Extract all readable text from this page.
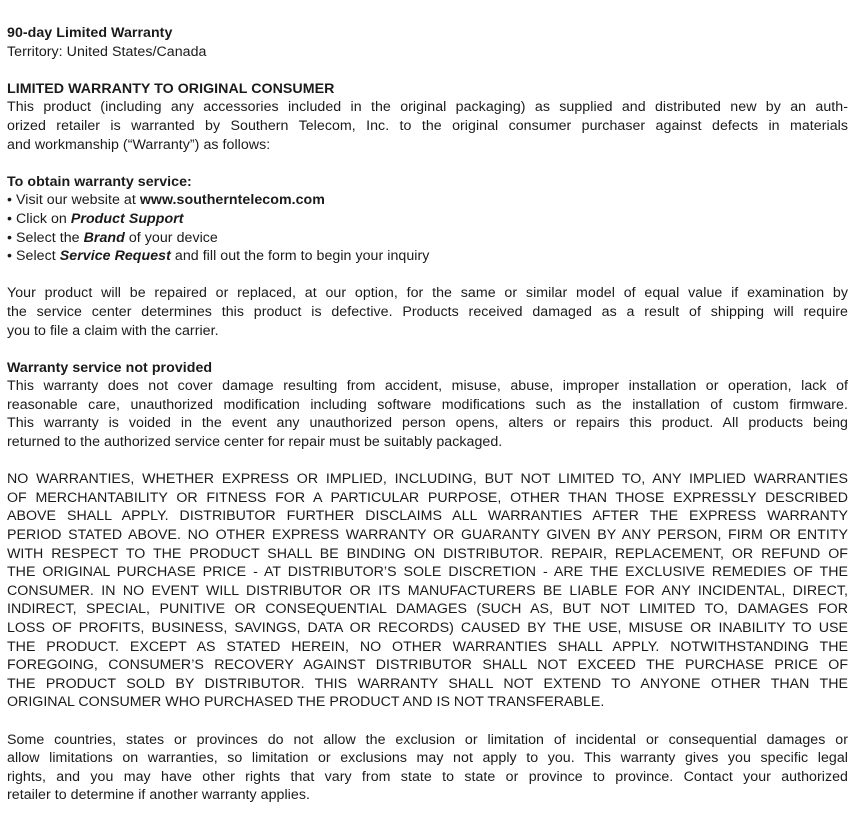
90-day Limited Warranty
Territory: United States/Canada
LIMITED WARRANTY TO ORIGINAL CONSUMER
This product (including any accessories included in the original packaging) as supplied and distributed new by an auth-
orized retailer is warranted by Southern Telecom, Inc. to the original consumer purchaser against defects in materials
and workmanship (“Warranty”) as follows:
To obtain warranty service:
• Visit our website at www.southerntelecom.com
• Click on Product Support
• Select the Brand of your device
• Select Service Request and fill out the form to begin your inquiry
Your product will be repaired or replaced, at our option, for the same or similar model of equal value if examination by
the service center determines this product is defective. Products received damaged as a result of shipping will require
you to file a claim with the carrier.
Warranty service not provided
This warranty does not cover damage resulting from accident, misuse, abuse, improper installation or operation, lack of
reasonable care, unauthorized modification including software modifications such as the installation of custom firmware.
This warranty is voided in the event any unauthorized person opens, alters or repairs this product. All products being
returned to the authorized service center for repair must be suitably packaged.
NO WARRANTIES, WHETHER EXPRESS OR IMPLIED, INCLUDING, BUT NOT LIMITED TO, ANY IMPLIED WARRANTIES
OF MERCHANTABILITY OR FITNESS FOR A PARTICULAR PURPOSE, OTHER THAN THOSE EXPRESSLY DESCRIBED
ABOVE SHALL APPLY. DISTRIBUTOR FURTHER DISCLAIMS ALL WARRANTIES AFTER THE EXPRESS WARRANTY
PERIOD STATED ABOVE. NO OTHER EXPRESS WARRANTY OR GUARANTY GIVEN BY ANY PERSON, FIRM OR ENTITY
WITH RESPECT TO THE PRODUCT SHALL BE BINDING ON DISTRIBUTOR. REPAIR, REPLACEMENT, OR REFUND OF
THE ORIGINAL PURCHASE PRICE - AT DISTRIBUTOR’S SOLE DISCRETION - ARE THE EXCLUSIVE REMEDIES OF THE
CONSUMER. IN NO EVENT WILL DISTRIBUTOR OR ITS MANUFACTURERS BE LIABLE FOR ANY INCIDENTAL, DIRECT,
INDIRECT, SPECIAL, PUNITIVE OR CONSEQUENTIAL DAMAGES (SUCH AS, BUT NOT LIMITED TO, DAMAGES FOR
LOSS OF PROFITS, BUSINESS, SAVINGS, DATA OR RECORDS) CAUSED BY THE USE, MISUSE OR INABILITY TO USE
THE PRODUCT. EXCEPT AS STATED HEREIN, NO OTHER WARRANTIES SHALL APPLY. NOTWITHSTANDING THE
FOREGOING, CONSUMER’S RECOVERY AGAINST DISTRIBUTOR SHALL NOT EXCEED THE PURCHASE PRICE OF
THE PRODUCT SOLD BY DISTRIBUTOR. THIS WARRANTY SHALL NOT EXTEND TO ANYONE OTHER THAN THE
ORIGINAL CONSUMER WHO PURCHASED THE PRODUCT AND IS NOT TRANSFERABLE.
Some countries, states or provinces do not allow the exclusion or limitation of incidental or consequential damages or
allow limitations on warranties, so limitation or exclusions may not apply to you. This warranty gives you specific legal
rights, and you may have other rights that vary from state to state or province to province. Contact your authorized
retailer to determine if another warranty applies.
